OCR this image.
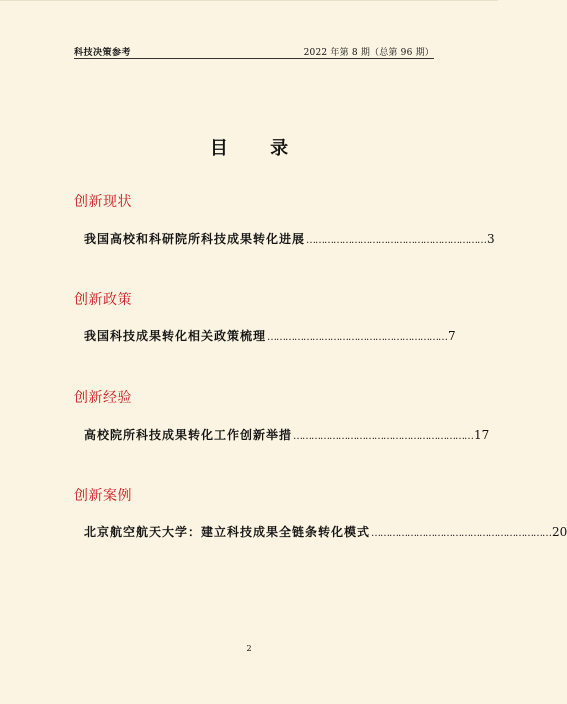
科技决策参考	2022 年第 8 期（总第 96 期）
目 录
创新现状
我国高校和科研院所科技成果转化进展 …………………………………………………… 3
创新政策
我国科技成果转化相关政策梳理 …………………………………………………… 7
创新经验
高校院所科技成果转化工作创新举措 …………………………………………………… 17
创新案例
北京航空航天大学：建立科技成果全链条转化模式 …………………………………………………… 20
2
